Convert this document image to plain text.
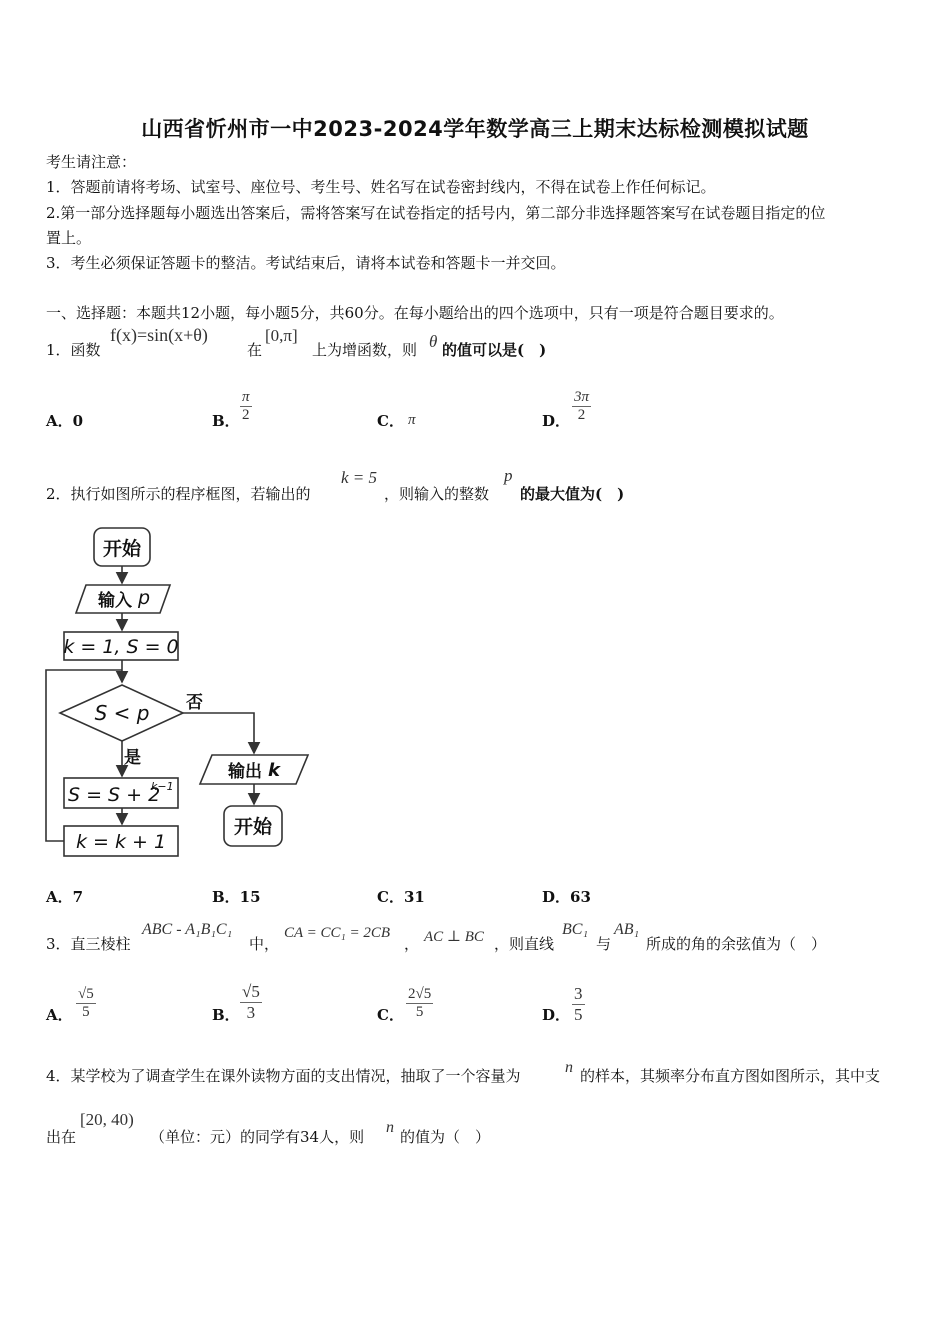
山西省忻州市一中2023-2024学年数学高三上期末达标检测模拟试题
考生请注意：
1．答题前请将考场、试室号、座位号、考生号、姓名写在试卷密封线内，不得在试卷上作任何标记。
2.第一部分选择题每小题选出答案后，需将答案写在试卷指定的括号内，第二部分非选择题答案写在试卷题目指定的位
置上。
3．考生必须保证答题卡的整洁。考试结束后，请将本试卷和答题卡一并交回。
一、选择题：本题共12小题，每小题5分，共60分。在每小题给出的四个选项中，只有一项是符合题目要求的。
1．函数
f(x)=sin(x+θ)
在
[0,π]
上为增函数，则 θ 的值可以是(　)
A．0	B． $\frac{\pi}{2}$	C． π	D． $\frac{3\pi}{2}$
2．执行如图所示的程序框图，若输出的
k = 5
，则输入的整数
p
的最大值为(　)
开始
输入 p
k = 1, S = 0
S < p 否
是
S = S + 2
k−1
k = k + 1
输出 k
开始
A．7	B．15	C．31	D．63
3．直三棱柱
ABC - A₁B₁C₁
中，
CA = CC₁ = 2CB
， AC ⊥ BC ，则直线
BC₁
与
AB₁
所成的角的余弦值为（　）
A． $\frac{√5}{5}$	B． $\frac{√5}{3}$	C． $\frac{2√5}{5}$	D． $\frac{3}{5}$
4．某学校为了调查学生在课外读物方面的支出情况，抽取了一个容量为	n 的样本，其频率分布直方图如图所示，其中支
出在
[20, 40)
（单位：元）的同学有34人，则
n
的值为（　）
